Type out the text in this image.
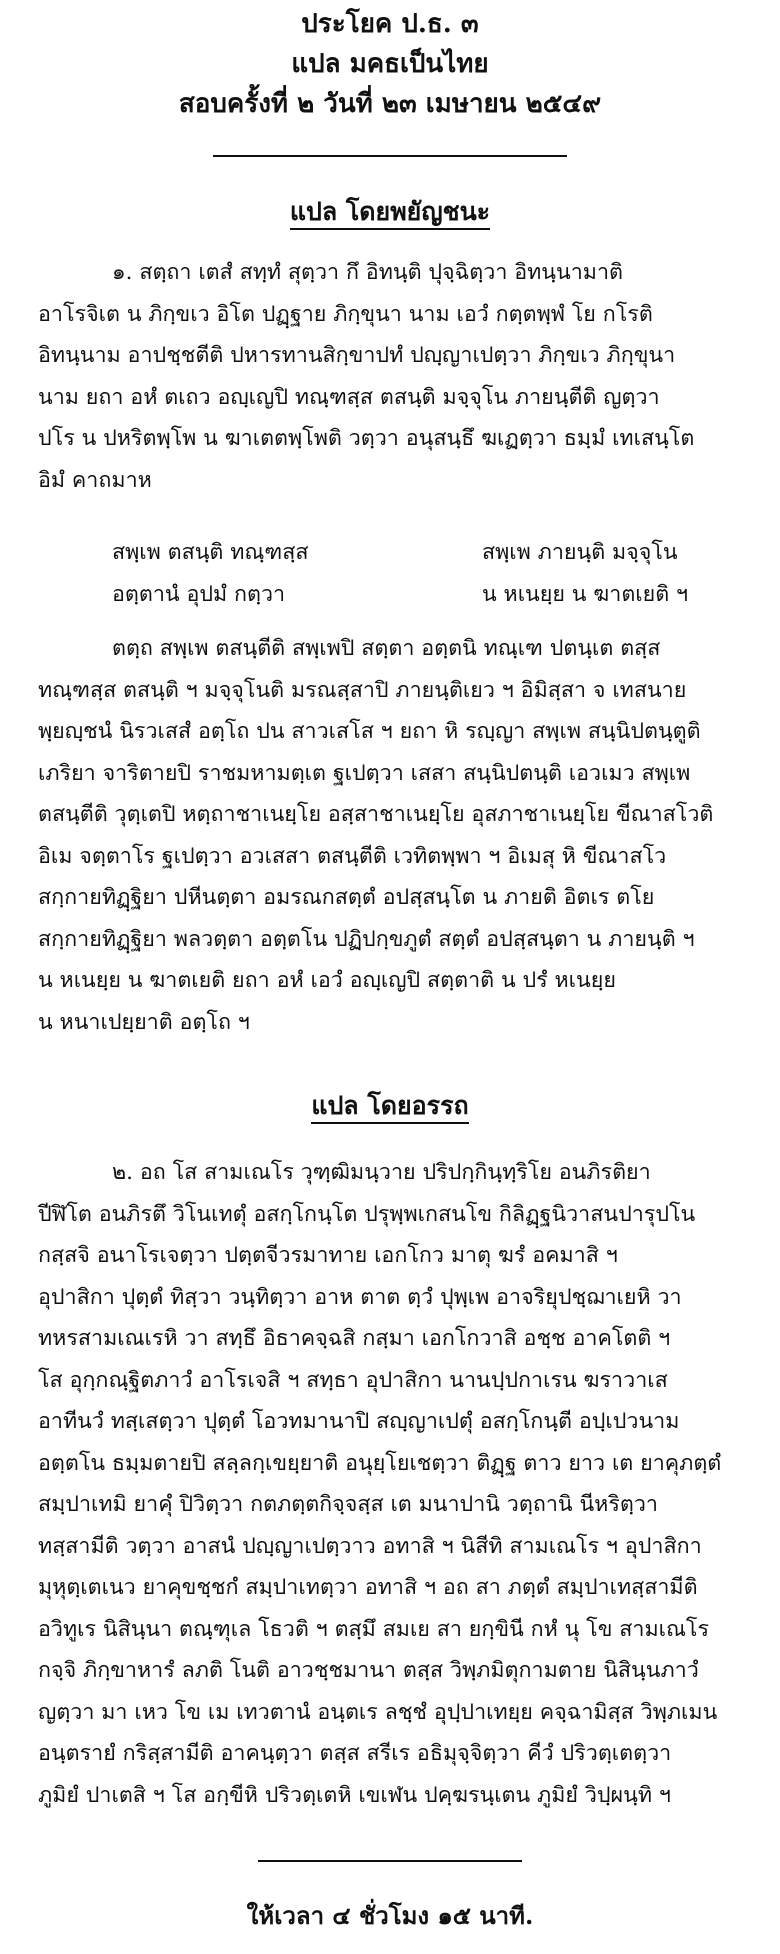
ประโยค ป.ธ. ๓
แปล มคธเป็นไทย
สอบครั้งที่ ๒ วันที่ ๒๓ เมษายน ๒๕๔๙
แปล โดยพยัญชนะ
๑. สตฺถา เตสํ สทฺทํ สุตฺวา กึ อิทนฺติ ปุจฺฉิตฺวา อิทนฺนามาติ
อาโรจิเต น ภิกฺขเว อิโต ปฏฺฐาย ภิกฺขุนา นาม เอวํ กตฺตพฺพํ โย กโรติ
อิทนฺนาม อาปชฺชตีติ ปหารทานสิกฺขาปทํ ปญฺญาเปตฺวา ภิกฺขเว ภิกฺขุนา
นาม ยถา อหํ ตเถว อญฺเญปิ ทณฺฑสฺส ตสนฺติ มจฺจุโน ภายนฺตีติ ญตฺวา
ปโร น ปหริตพฺโพ น ฆาเตตพฺโพติ วตฺวา อนุสนฺธึ ฆเฏตฺวา ธมฺมํ เทเสนฺโต
อิมํ คาถมาห
สพฺเพ ตสนฺติ ทณฺฑสฺส	สพฺเพ ภายนฺติ มจฺจุโน
อตฺตานํ อุปมํ กตฺวา	น หเนยฺย น ฆาตเยติ ฯ
ตตฺถ สพฺเพ ตสนฺตีติ สพฺเพปิ สตฺตา อตฺตนิ ทณฺเฑ ปตนฺเต ตสฺส
ทณฺฑสฺส ตสนฺติ ฯ มจฺจุโนติ มรณสฺสาปิ ภายนฺติเยว ฯ อิมิสฺสา จ เทสนาย
พฺยญฺชนํ นิรวเสสํ อตฺโถ ปน สาวเสโส ฯ ยถา หิ รญฺญา สพฺเพ สนฺนิปตนฺตูติ
เภริยา จาริตายปิ ราชมหามตฺเต ฐเปตฺวา เสสา สนฺนิปตนฺติ เอวเมว สพฺเพ
ตสนฺตีติ วุตฺเตปิ หตฺถาชาเนยฺโย อสฺสาชาเนยฺโย อุสภาชาเนยฺโย ขีณาสโวติ
อิเม จตฺตาโร ฐเปตฺวา อวเสสา ตสนฺตีติ เวทิตพฺพา ฯ อิเมสุ หิ ขีณาสโว
สกฺกายทิฏฺฐิยา ปหีนตฺตา อมรณกสตฺตํ อปสฺสนฺโต น ภายติ อิตเร ตโย
สกฺกายทิฏฺฐิยา พลวตฺตา อตฺตโน ปฏิปกฺขภูตํ สตฺตํ อปสฺสนฺตา น ภายนฺติ ฯ
น หเนยฺย น ฆาตเยติ ยถา อหํ เอวํ อญฺเญปิ สตฺตาติ น ปรํ หเนยฺย
น หนาเปยฺยาติ อตฺโถ ฯ
แปล โดยอรรถ
๒. อถ โส สามเณโร วุฑฺฒิมนฺวาย ปริปกฺกินฺทฺริโย อนภิรติยา
ปีฬิโต อนภิรตึ วิโนเทตุํ อสกฺโกนฺโต ปรุพฺพเกสนโข กิลิฏฺฐนิวาสนปารุปโน
กสฺสจิ อนาโรเจตฺวา ปตฺตจีวรมาทาย เอกโกว มาตุ ฆรํ อคมาสิ ฯ
อุปาสิกา ปุตฺตํ ทิสฺวา วนฺทิตฺวา อาห ตาต ตฺวํ ปุพฺเพ อาจริยุปชฺฌาเยหิ วา
ทหรสามเณเรหิ วา สทฺธึ อิธาคจฺฉสิ กสฺมา เอกโกวาสิ อชฺช อาคโตติ ฯ
โส อุกฺกณฺฐิตภาวํ อาโรเจสิ ฯ สทฺธา อุปาสิกา นานปฺปกาเรน ฆราวาเส
อาทีนวํ ทสฺเสตฺวา ปุตฺตํ โอวทมานาปิ สญฺญาเปตุํ อสกฺโกนฺตี อปฺเปวนาม
อตฺตโน ธมฺมตายปิ สลฺลกฺเขยฺยาติ อนุยฺโยเชตฺวา ติฏฺฐ ตาว ยาว เต ยาคุภตฺตํ
สมฺปาเทมิ ยาคุํ ปิวิตฺวา กตภตฺตกิจฺจสฺส เต มนาปานิ วตฺถานิ นีหริตฺวา
ทสฺสามีติ วตฺวา อาสนํ ปญฺญาเปตฺวาว อทาสิ ฯ นิสีทิ สามเณโร ฯ อุปาสิกา
มุหุตฺเตเนว ยาคุขชฺชกํ สมฺปาเทตฺวา อทาสิ ฯ อถ สา ภตฺตํ สมฺปาเทสฺสามีติ
อวิทูเร นิสินฺนา ตณฺฑุเล โธวติ ฯ ตสฺมึ สมเย สา ยกฺขินี กหํ นุ โข สามเณโร
กจฺจิ ภิกฺขาหารํ ลภติ โนติ อาวชฺชมานา ตสฺส วิพฺภมิตุกามตาย นิสินฺนภาวํ
ญตฺวา มา เหว โข เม เทวตานํ อนฺตเร ลชฺชํ อุปฺปาเทยฺย คจฺฉามิสฺส วิพฺภเมน
อนฺตรายํ กริสฺสามีติ อาคนฺตฺวา ตสฺส สรีเร อธิมุจฺจิตฺวา คีวํ ปริวตฺเตตฺวา
ภูมิยํ ปาเตสิ ฯ โส อกฺขีหิ ปริวตฺเตหิ เขเฬน ปคฺฆรนฺเตน ภูมิยํ วิปฺผนฺทิ ฯ
ให้เวลา ๔ ชั่วโมง ๑๕ นาที.
